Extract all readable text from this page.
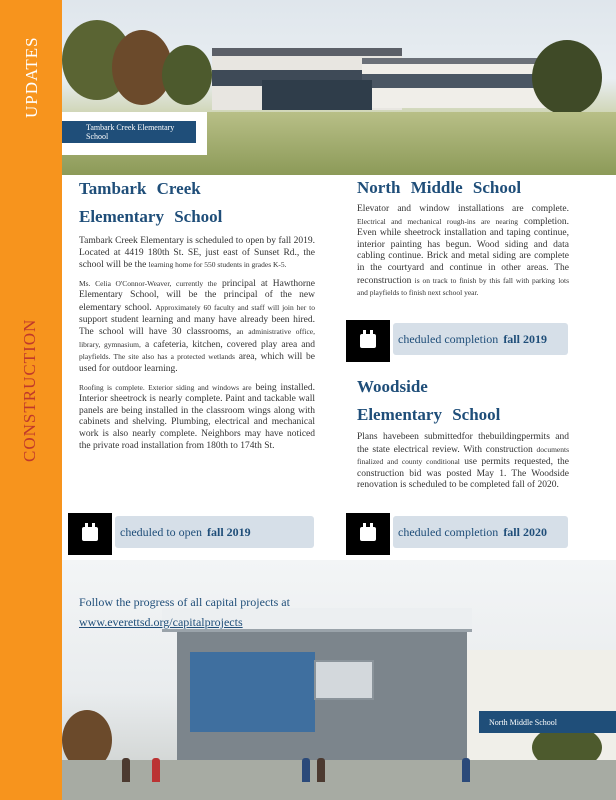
UPDATES
CONSTRUCTION
Tambark Creek Elementary School
Tambark Creek
Elementary School

Tambark Creek Elementary is scheduled to open by fall 2019. Located at 4419 180th St. SE, just east of Sunset Rd., the school will be the learning home for 550 students in grades K-5.

Ms. Celia O'Connor-Weaver, currently the principal at Hawthorne Elementary School, will be the principal of the new elementary school. Approximately 60 faculty and staff will join her to support student learning and many have already been hired. The school will have 30 classrooms, an administrative office, library, gymnasium, a cafeteria, kitchen, covered play area and playfields. The site also has a protected wetlands area, which will be used for outdoor learning.

Roofing is complete. Exterior siding and windows are being installed. Interior sheetrock is nearly complete. Paint and tackable wall panels are being installed in the classroom wings along with cabinets and shelving. Plumbing, electrical and mechanical work is also nearly complete. Neighbors may have noticed the private road installation from 180th to 174th St.

cheduled to open fall 2019
North Middle School

Elevator and window installations are complete. Electrical and mechanical rough-ins are nearing completion. Even while sheetrock installation and taping continue, interior painting has begun. Wood siding and data cabling continue. Brick and metal siding are complete in the courtyard and continue in other areas. The reconstruction is on track to finish by this fall with parking lots and playfields to finish next school year.

cheduled completion fall 2019
Woodside
Elementary School

Plans havebeen submittedfor thebuildingpermits and the state electrical review. With construction documents finalized and county conditional use permits requested, the construction bid was posted May 1. The Woodside renovation is scheduled to be completed fall of 2020.

cheduled completion fall 2020
Follow the progress of all capital projects at
www.everettsd.org/capitalprojects
North Middle School
